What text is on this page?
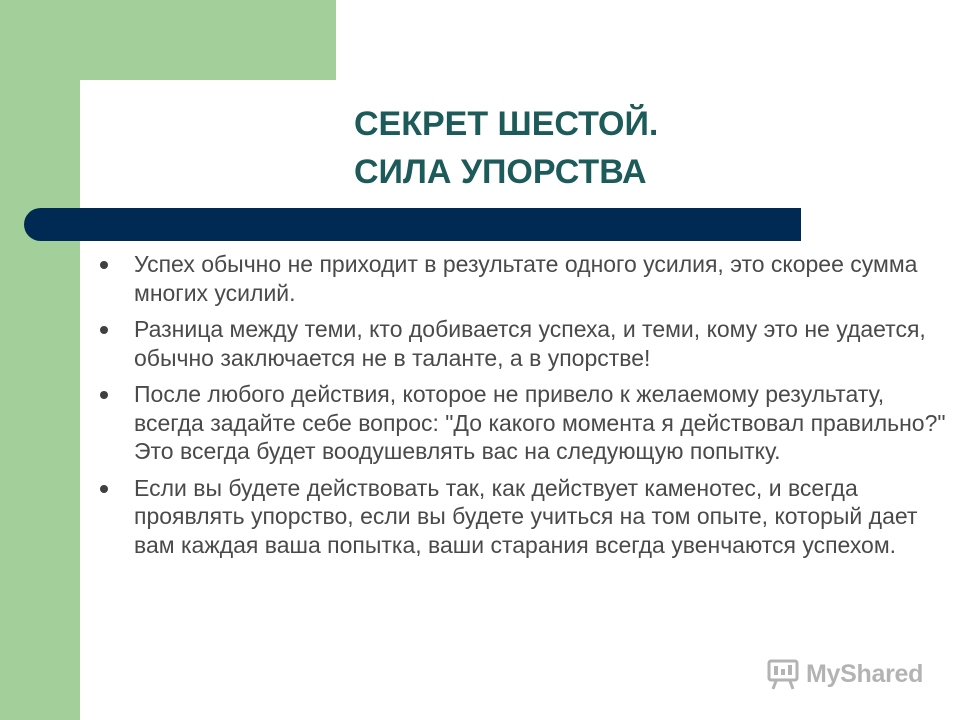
СЕКРЕТ ШЕСТОЙ.
СИЛА УПОРСТВА
Успех обычно не приходит в результате одного усилия, это скорее сумма многих усилий.
Разница между теми, кто добивается успеха, и теми, кому это не удается, обычно заключается не в таланте, а в упорстве!
После любого действия, которое не привело к желаемому результату, всегда задайте себе вопрос: "До какого момента я действовал правильно?" Это всегда будет воодушевлять вас на следующую попытку.
Если вы будете действовать так, как действует каменотес, и всегда проявлять упорство, если вы будете учиться на том опыте, который дает вам каждая ваша попытка, ваши старания всегда увенчаются успехом.
MyShared
